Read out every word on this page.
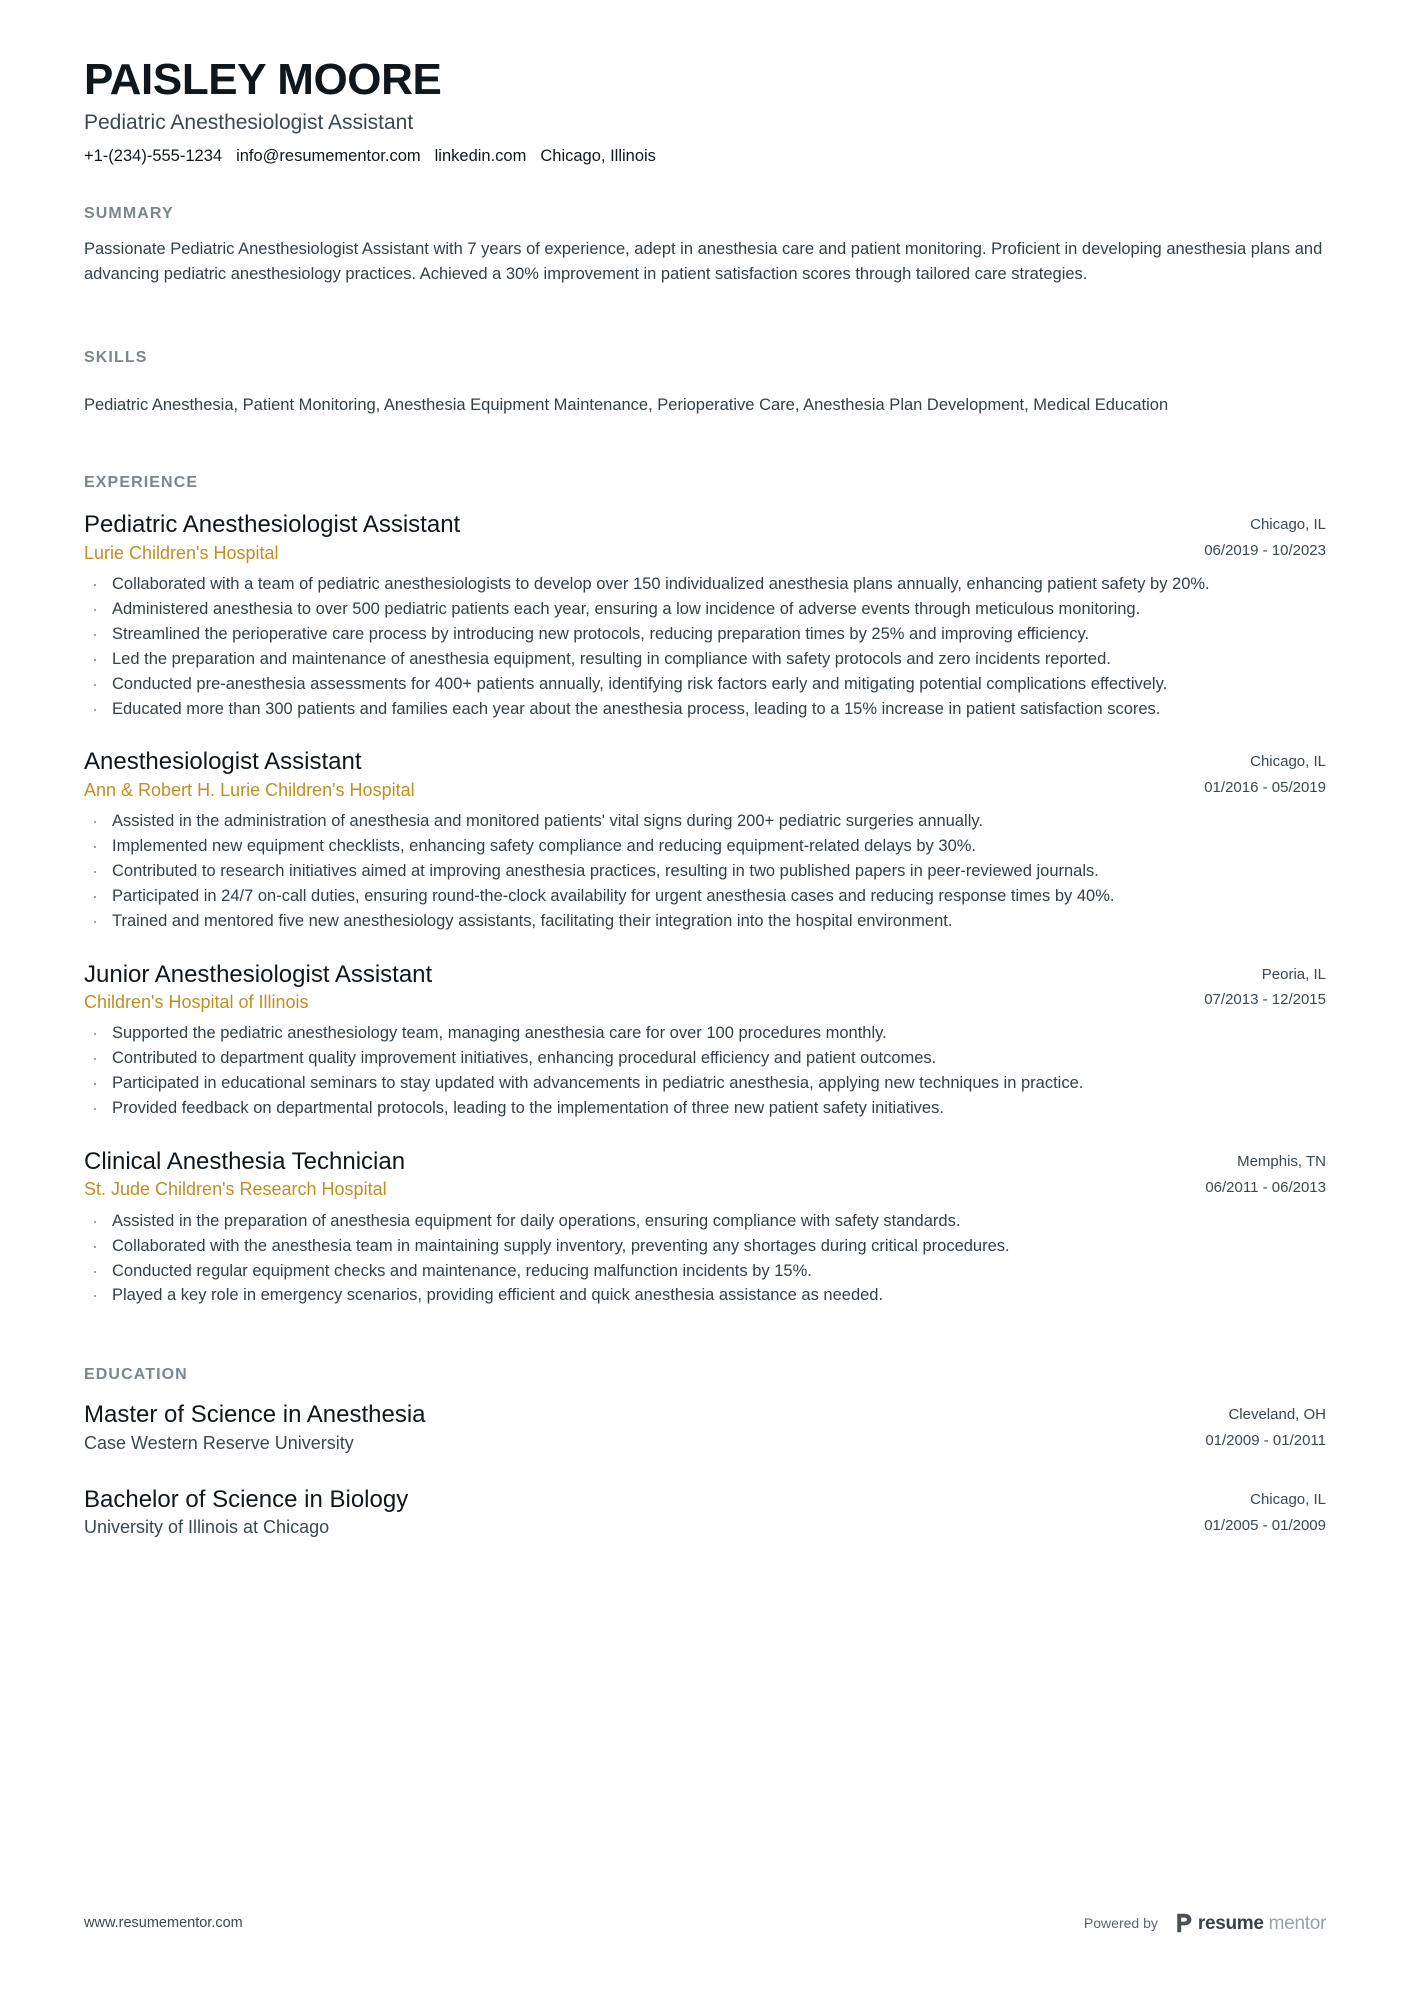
PAISLEY MOORE
Pediatric Anesthesiologist Assistant
+1-(234)-555-1234 info@resumementor.com linkedin.com Chicago, Illinois
SUMMARY

Passionate Pediatric Anesthesiologist Assistant with 7 years of experience, adept in anesthesia care and patient monitoring. Proficient in developing anesthesia plans and advancing pediatric anesthesiology practices. Achieved a 30% improvement in patient satisfaction scores through tailored care strategies.

SKILLS

Pediatric Anesthesia, Patient Monitoring, Anesthesia Equipment Maintenance, Perioperative Care, Anesthesia Plan Development, Medical Education

EXPERIENCE
Pediatric Anesthesiologist Assistant
Lurie Children's Hospital
Chicago, IL
06/2019 - 10/2023
· Collaborated with a team of pediatric anesthesiologists to develop over 150 individualized anesthesia plans annually, enhancing patient safety by 20%.
· Administered anesthesia to over 500 pediatric patients each year, ensuring a low incidence of adverse events through meticulous monitoring.
· Streamlined the perioperative care process by introducing new protocols, reducing preparation times by 25% and improving efficiency.
· Led the preparation and maintenance of anesthesia equipment, resulting in compliance with safety protocols and zero incidents reported.
· Conducted pre-anesthesia assessments for 400+ patients annually, identifying risk factors early and mitigating potential complications effectively.
· Educated more than 300 patients and families each year about the anesthesia process, leading to a 15% increase in patient satisfaction scores.
Anesthesiologist Assistant
Ann & Robert H. Lurie Children's Hospital
Chicago, IL
01/2016 - 05/2019
· Assisted in the administration of anesthesia and monitored patients' vital signs during 200+ pediatric surgeries annually.
· Implemented new equipment checklists, enhancing safety compliance and reducing equipment-related delays by 30%.
· Contributed to research initiatives aimed at improving anesthesia practices, resulting in two published papers in peer-reviewed journals.
· Participated in 24/7 on-call duties, ensuring round-the-clock availability for urgent anesthesia cases and reducing response times by 40%.
· Trained and mentored five new anesthesiology assistants, facilitating their integration into the hospital environment.
Junior Anesthesiologist Assistant
Children's Hospital of Illinois
Peoria, IL
07/2013 - 12/2015
· Supported the pediatric anesthesiology team, managing anesthesia care for over 100 procedures monthly.
· Contributed to department quality improvement initiatives, enhancing procedural efficiency and patient outcomes.
· Participated in educational seminars to stay updated with advancements in pediatric anesthesia, applying new techniques in practice.
· Provided feedback on departmental protocols, leading to the implementation of three new patient safety initiatives.
Clinical Anesthesia Technician
St. Jude Children's Research Hospital
Memphis, TN
06/2011 - 06/2013
· Assisted in the preparation of anesthesia equipment for daily operations, ensuring compliance with safety standards.
· Collaborated with the anesthesia team in maintaining supply inventory, preventing any shortages during critical procedures.
· Conducted regular equipment checks and maintenance, reducing malfunction incidents by 15%.
· Played a key role in emergency scenarios, providing efficient and quick anesthesia assistance as needed.
EDUCATION
Master of Science in Anesthesia
Case Western Reserve University
Cleveland, OH
01/2009 - 01/2011
Bachelor of Science in Biology
University of Illinois at Chicago
Chicago, IL
01/2005 - 01/2009
www.resumementor.com	Powered by resume mentor
